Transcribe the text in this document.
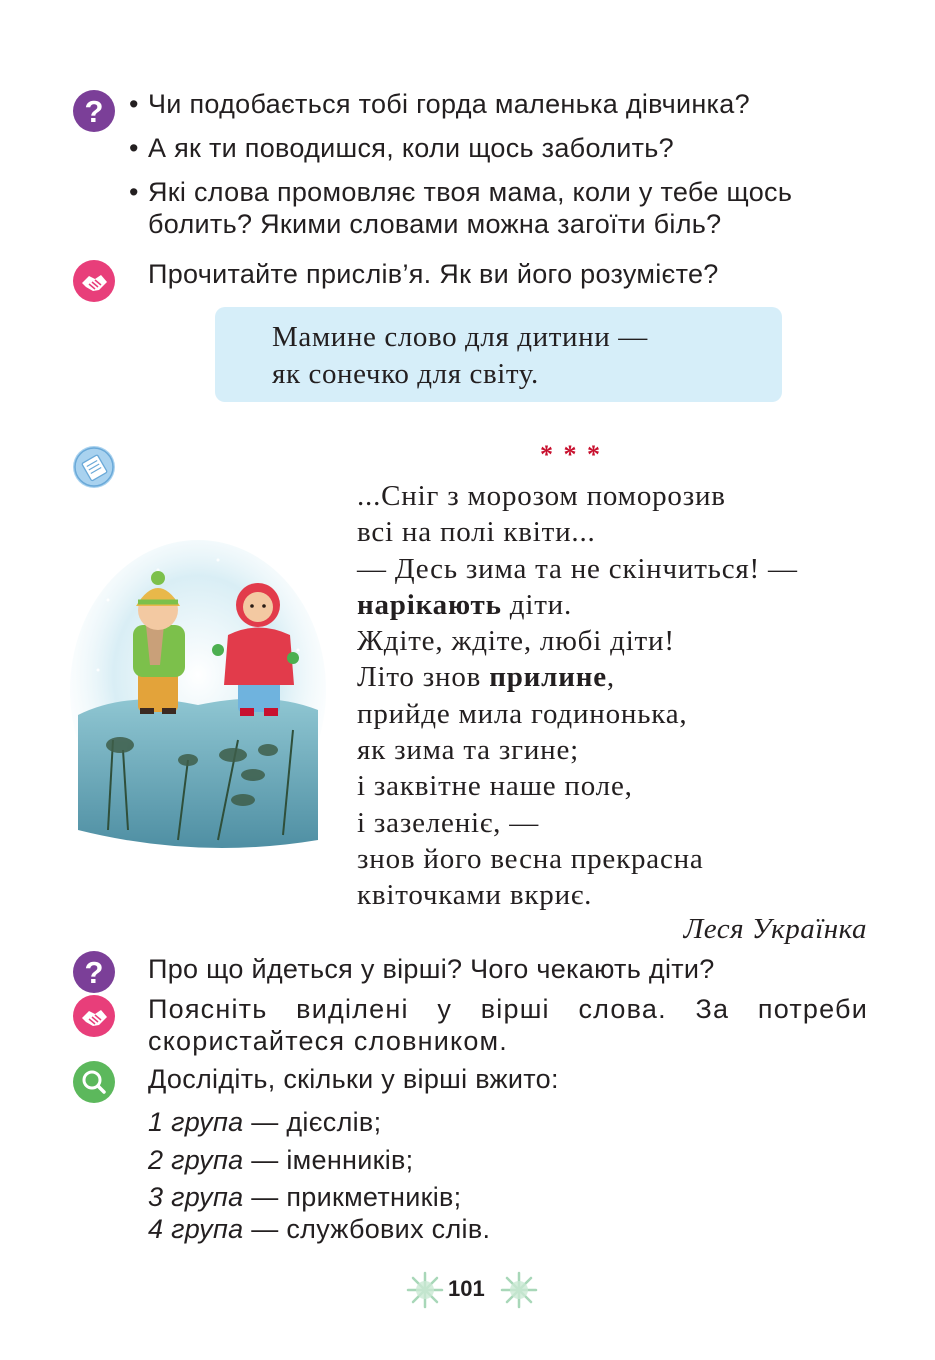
? • Чи подобається тобі горда маленька дівчинка?
• А як ти поводишся, коли щось заболить?
• Які слова промовляє твоя мама, коли у тебе щось болить? Якими словами можна загоїти біль?
Прочитайте прислів’я. Як ви його розумієте?
Мамине слово для дитини —
як сонечко для світу.
* * *
...Сніг з морозом поморозив
всі на полі квіти...
— Десь зима та не скінчиться! —
нарікають діти.
Ждіте, ждіте, любі діти!
Літо знов прилине,
прийде мила годинонька,
як зима та згине;
і заквітне наше поле,
і зазеленіє, —
знов його весна прекрасна
квіточками вкриє.
Леся Українка
? Про що йдеться у вірші? Чого чекають діти?
Поясніть виділені у вірші слова. За потреби скористайтеся словником.
Дослідіть, скільки у вірші вжито:
1 група — дієслів;
2 група — іменників;
3 група — прикметників;
4 група — службових слів.
101
